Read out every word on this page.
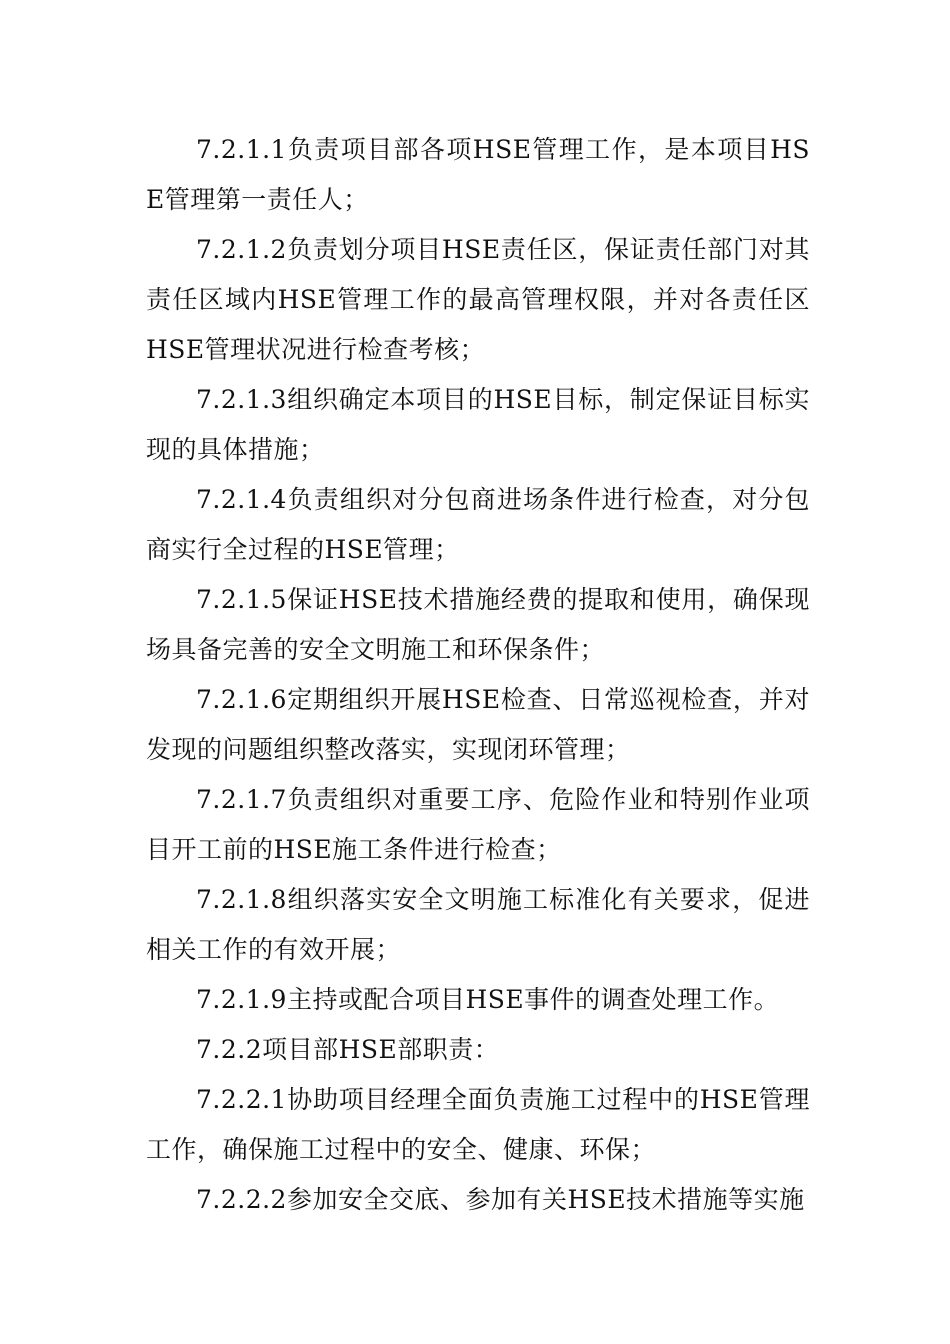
7.2.1.1负责项目部各项HSE管理工作，是本项目HSE管理第一责任人；

7.2.1.2负责划分项目HSE责任区，保证责任部门对其责任区域内HSE管理工作的最高管理权限，并对各责任区HSE管理状况进行检查考核；

7.2.1.3组织确定本项目的HSE目标，制定保证目标实现的具体措施；

7.2.1.4负责组织对分包商进场条件进行检查，对分包商实行全过程的HSE管理；

7.2.1.5保证HSE技术措施经费的提取和使用，确保现场具备完善的安全文明施工和环保条件；

7.2.1.6定期组织开展HSE检查、日常巡视检查，并对发现的问题组织整改落实，实现闭环管理；

7.2.1.7负责组织对重要工序、危险作业和特别作业项目开工前的HSE施工条件进行检查；

7.2.1.8组织落实安全文明施工标准化有关要求，促进相关工作的有效开展；

7.2.1.9主持或配合项目HSE事件的调查处理工作。

7.2.2项目部HSE部职责：

7.2.2.1协助项目经理全面负责施工过程中的HSE管理工作，确保施工过程中的安全、健康、环保；

7.2.2.2参加安全交底、参加有关HSE技术措施等实施
